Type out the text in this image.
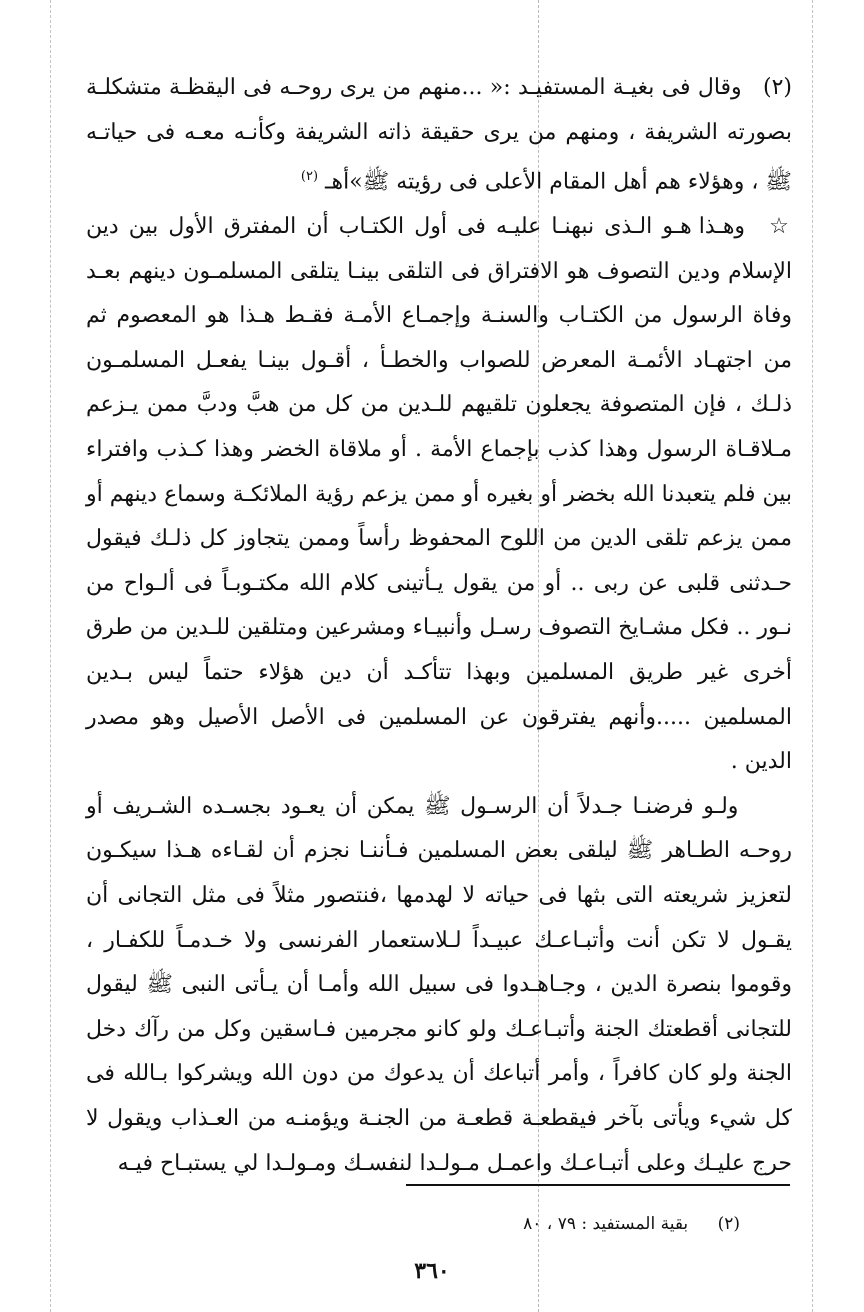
(٢) وقال فى بغيـة المستفيـد :« ...منهم من يرى روحـه فى اليقظـة متشكلـة بصورته الشريفة ، ومنهم من يرى حقيقة ذاته الشريفة وكأنـه معـه فى حياتـه ﷺ ، وهؤلاء هم أهل المقام الأعلى فى رؤيته ﷺ»أهـ $^{(٢)}$

☆ وهـذا هـو الـذى نبهنـا عليـه فى أول الكتـاب أن المفترق الأول بين دين الإسلام ودين التصوف هو الافتراق فى التلقى بينـا يتلقى المسلمـون دينهم بعـد وفاة الرسول من الكتـاب والسنـة وإجمـاع الأمـة فقـط هـذا هو المعصوم ثم من اجتهـاد الأئمـة المعرض للصواب والخطـأ ، أقـول بينـا يفعـل المسلمـون ذلـك ، فإن المتصوفة يجعلون تلقيهم للـدين من كل من هبَّ ودبَّ ممن يـزعم مـلاقـاة الرسول وهذا كذب بإجماع الأمة . أو ملاقاة الخضر وهذا كـذب وافتراء بين فلم يتعبدنا الله بخضر أو بغيره أو ممن يزعم رؤية الملائكـة وسماع دينهم أو ممن يزعم تلقى الدين من اللوح المحفوظ رأساً وممن يتجاوز كل ذلـك فيقول حـدثنى قلبى عن ربى .. أو من يقول يـأتينى كلام الله مكتـوبـاً فى ألـواح من نـور .. فكل مشـايخ التصوف رسـل وأنبيـاء ومشرعين ومتلقين للـدين من طرق أخرى غير طريق المسلمين وبهذا تتأكـد أن دين هؤلاء حتماً ليس بـدين المسلمين .....وأنهم يفترقون عن المسلمين فى الأصل الأصيل وهو مصدر الدين .

ولـو فرضنـا جـدلاً أن الرسـول ﷺ يمكن أن يعـود بجسـده الشـريف أو روحـه الطـاهر ﷺ ليلقى بعض المسلمين فـأننـا نجزم أن لقـاءه هـذا سيكـون لتعزيز شريعته التى بثها فى حياته لا لهدمها ،فنتصور مثلاً فى مثل التجانى أن يقـول لا تكن أنت وأتبـاعـك عبيـداً لـلاستعمار الفرنسى ولا خـدمـاً للكفـار ، وقوموا بنصرة الدين ، وجـاهـدوا فى سبيل الله وأمـا أن يـأتى النبى ﷺ ليقول للتجانى أقطعتك الجنة وأتبـاعـك ولو كانو مجرمين فـاسقين وكل من رآك دخل الجنة ولو كان كافراً ، وأمر أتباعك أن يدعوك من دون الله ويشركوا بـالله فى كل شيء ويأتى بآخر فيقطعـة قطعـة من الجنـة ويؤمنـه من العـذاب ويقول لا حرج عليـك وعلى أتبـاعـك واعمـل مـولـدا لنفسـك ومـولـدا لي يستبـاح فيـه

(٢) بقية المستفيد : ٧٩ ، ٨٠
٣٦٠
